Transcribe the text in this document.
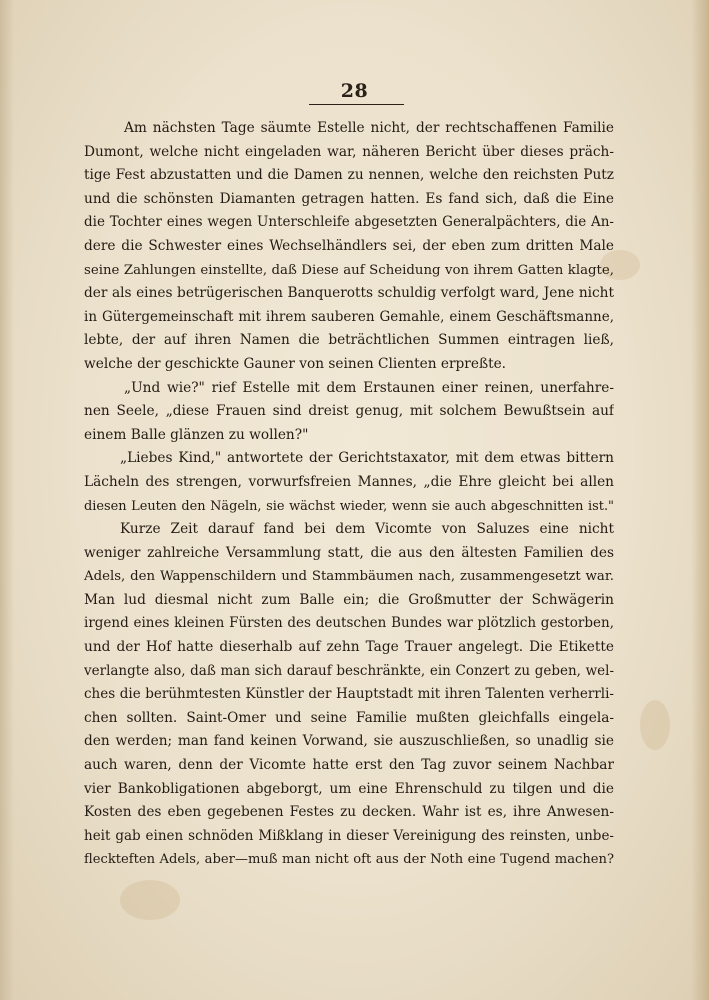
28
Am nächsten Tage säumte Estelle nicht, der rechtschaffenen Familie
Dumont, welche nicht eingeladen war, näheren Bericht über dieses präch-
tige Fest abzustatten und die Damen zu nennen, welche den reichsten Putz
und die schönsten Diamanten getragen hatten. Es fand sich, daß die Eine
die Tochter eines wegen Unterschleife abgesetzten Generalpächters, die An-
dere die Schwester eines Wechselhändlers sei, der eben zum dritten Male
seine Zahlungen einstellte, daß Diese auf Scheidung von ihrem Gatten klagte,
der als eines betrügerischen Banquerotts schuldig verfolgt ward, Jene nicht
in Gütergemeinschaft mit ihrem sauberen Gemahle, einem Geschäftsmanne,
lebte, der auf ihren Namen die beträchtlichen Summen eintragen ließ,
welche der geschickte Gauner von seinen Clienten erpreßte.
„Und wie?" rief Estelle mit dem Erstaunen einer reinen, unerfahre-
nen Seele, „diese Frauen sind dreist genug, mit solchem Bewußtsein auf
einem Balle glänzen zu wollen?"
„Liebes Kind," antwortete der Gerichtstaxator, mit dem etwas bittern
Lächeln des strengen, vorwurfsfreien Mannes, „die Ehre gleicht bei allen
diesen Leuten den Nägeln, sie wächst wieder, wenn sie auch abgeschnitten ist."
Kurze Zeit darauf fand bei dem Vicomte von Saluzes eine nicht
weniger zahlreiche Versammlung statt, die aus den ältesten Familien des
Adels, den Wappenschildern und Stammbäumen nach, zusammengesetzt war.
Man lud diesmal nicht zum Balle ein; die Großmutter der Schwägerin
irgend eines kleinen Fürsten des deutschen Bundes war plötzlich gestorben,
und der Hof hatte dieserhalb auf zehn Tage Trauer angelegt. Die Etikette
verlangte also, daß man sich darauf beschränkte, ein Conzert zu geben, wel-
ches die berühmtesten Künstler der Hauptstadt mit ihren Talenten verherrli-
chen sollten. Saint-Omer und seine Familie mußten gleichfalls eingela-
den werden; man fand keinen Vorwand, sie auszuschließen, so unadlig sie
auch waren, denn der Vicomte hatte erst den Tag zuvor seinem Nachbar
vier Bankobligationen abgeborgt, um eine Ehrenschuld zu tilgen und die
Kosten des eben gegebenen Festes zu decken. Wahr ist es, ihre Anwesen-
heit gab einen schnöden Mißklang in dieser Vereinigung des reinsten, unbe-
fleckteften Adels, aber—muß man nicht oft aus der Noth eine Tugend machen?
